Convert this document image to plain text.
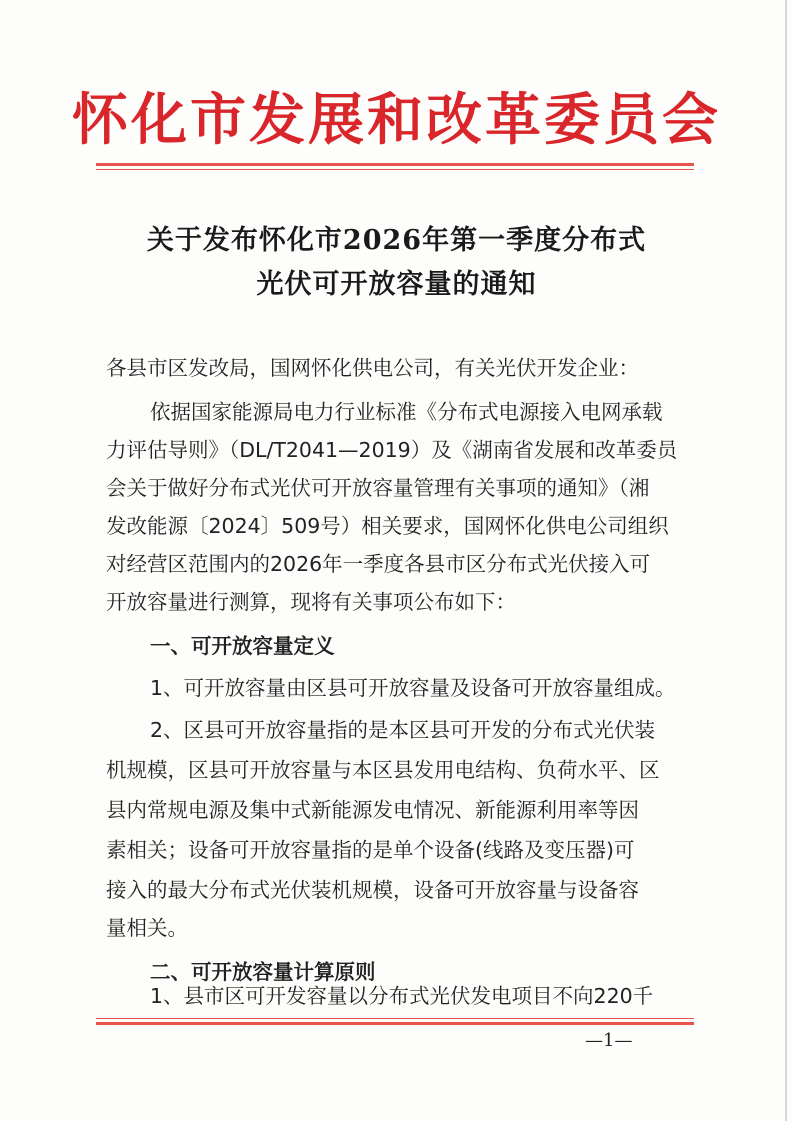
怀化市发展和改革委员会
关于发布怀化市2026年第一季度分布式
光伏可开放容量的通知
各县市区发改局，国网怀化供电公司，有关光伏开发企业：
依据国家能源局电力行业标准《分布式电源接入电网承载
力评估导则》（DL/T2041—2019）及《湖南省发展和改革委员
会关于做好分布式光伏可开放容量管理有关事项的通知》（湘
发改能源〔2024〕509号）相关要求，国网怀化供电公司组织
对经营区范围内的2026年一季度各县市区分布式光伏接入可
开放容量进行测算，现将有关事项公布如下：
一、可开放容量定义
1、可开放容量由区县可开放容量及设备可开放容量组成。
2、区县可开放容量指的是本区县可开发的分布式光伏装
机规模，区县可开放容量与本区县发用电结构、负荷水平、区
县内常规电源及集中式新能源发电情况、新能源利用率等因
素相关；设备可开放容量指的是单个设备(线路及变压器)可
接入的最大分布式光伏装机规模，设备可开放容量与设备容
量相关。
二、可开放容量计算原则
1、县市区可开发容量以分布式光伏发电项目不向220千
—1—
